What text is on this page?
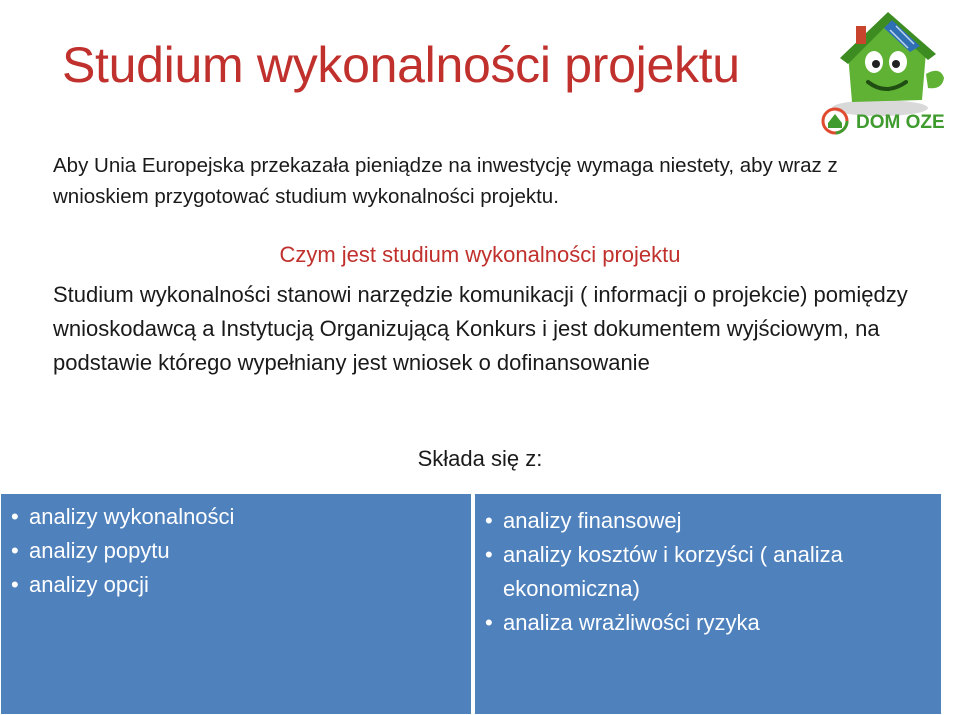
Studium wykonalności projektu
DOM OZE
Aby Unia Europejska przekazała pieniądze na inwestycję wymaga niestety, aby wraz z wnioskiem przygotować studium wykonalności projektu.
Czym jest studium wykonalności projektu
Studium wykonalności stanowi narzędzie komunikacji ( informacji o projekcie) pomiędzy wnioskodawcą a Instytucją Organizującą Konkurs i jest dokumentem wyjściowym, na podstawie którego wypełniany jest wniosek o dofinansowanie
Składa się z:
• analizy wykonalności
• analizy popytu
• analizy opcji
• analizy finansowej
• analizy kosztów i korzyści ( analiza ekonomiczna)
• analiza wrażliwości ryzyka
